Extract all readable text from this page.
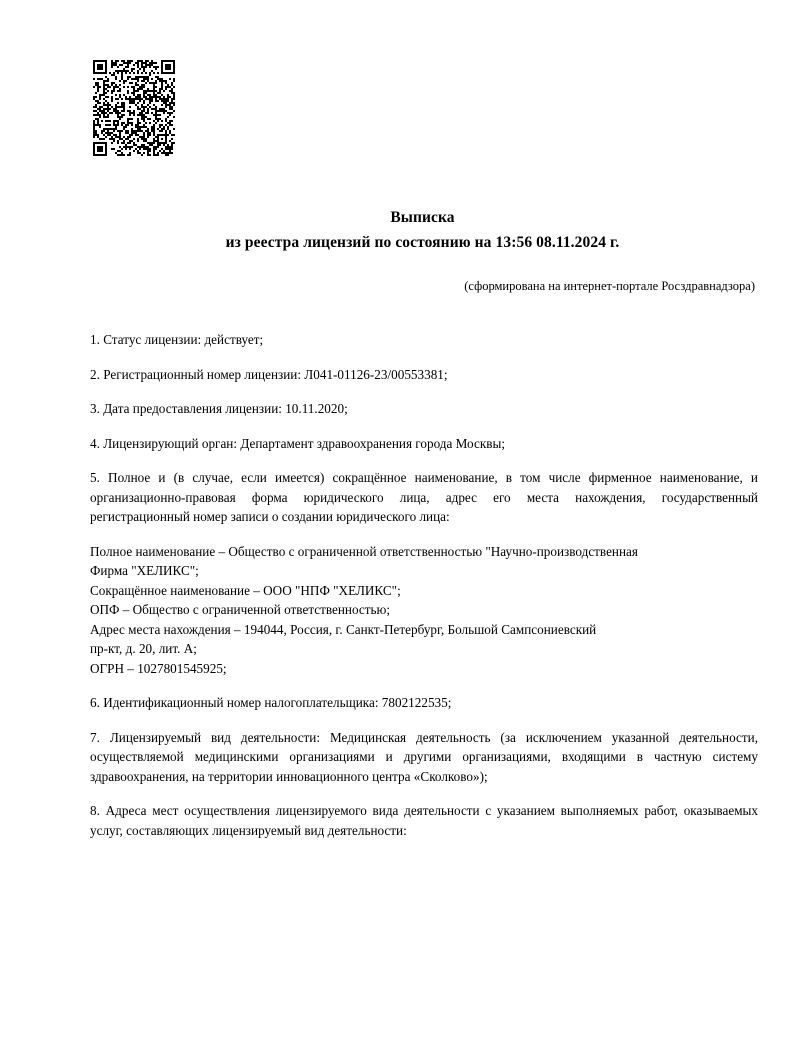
Выписка
из реестра лицензий по состоянию на 13:56 08.11.2024 г.
(сформирована на интернет-портале Росздравнадзора)

1. Статус лицензии: действует;

2. Регистрационный номер лицензии: Л041-01126-23/00553381;

3. Дата предоставления лицензии: 10.11.2020;

4. Лицензирующий орган: Департамент здравоохранения города Москвы;

5. Полное и (в случае, если имеется) сокращённое наименование, в том числе фирменное наименование, и организационно-правовая форма юридического лица, адрес его места нахождения, государственный регистрационный номер записи о создании юридического лица:

Полное наименование – Общество с ограниченной ответственностью "Научно-производственная
Фирма "ХЕЛИКС";
Сокращённое наименование – ООО "НПФ "ХЕЛИКС";
ОПФ – Общество с ограниченной ответственностью;
Адрес места нахождения – 194044, Россия, г. Санкт-Петербург, Большой Сампсониевский
пр-кт, д. 20, лит. А;
ОГРН – 1027801545925;

6. Идентификационный номер налогоплательщика: 7802122535;

7. Лицензируемый вид деятельности: Медицинская деятельность (за исключением указанной деятельности, осуществляемой медицинскими организациями и другими организациями, входящими в частную систему здравоохранения, на территории инновационного центра «Сколково»);

8. Адреса мест осуществления лицензируемого вида деятельности с указанием выполняемых работ, оказываемых услуг, составляющих лицензируемый вид деятельности:
